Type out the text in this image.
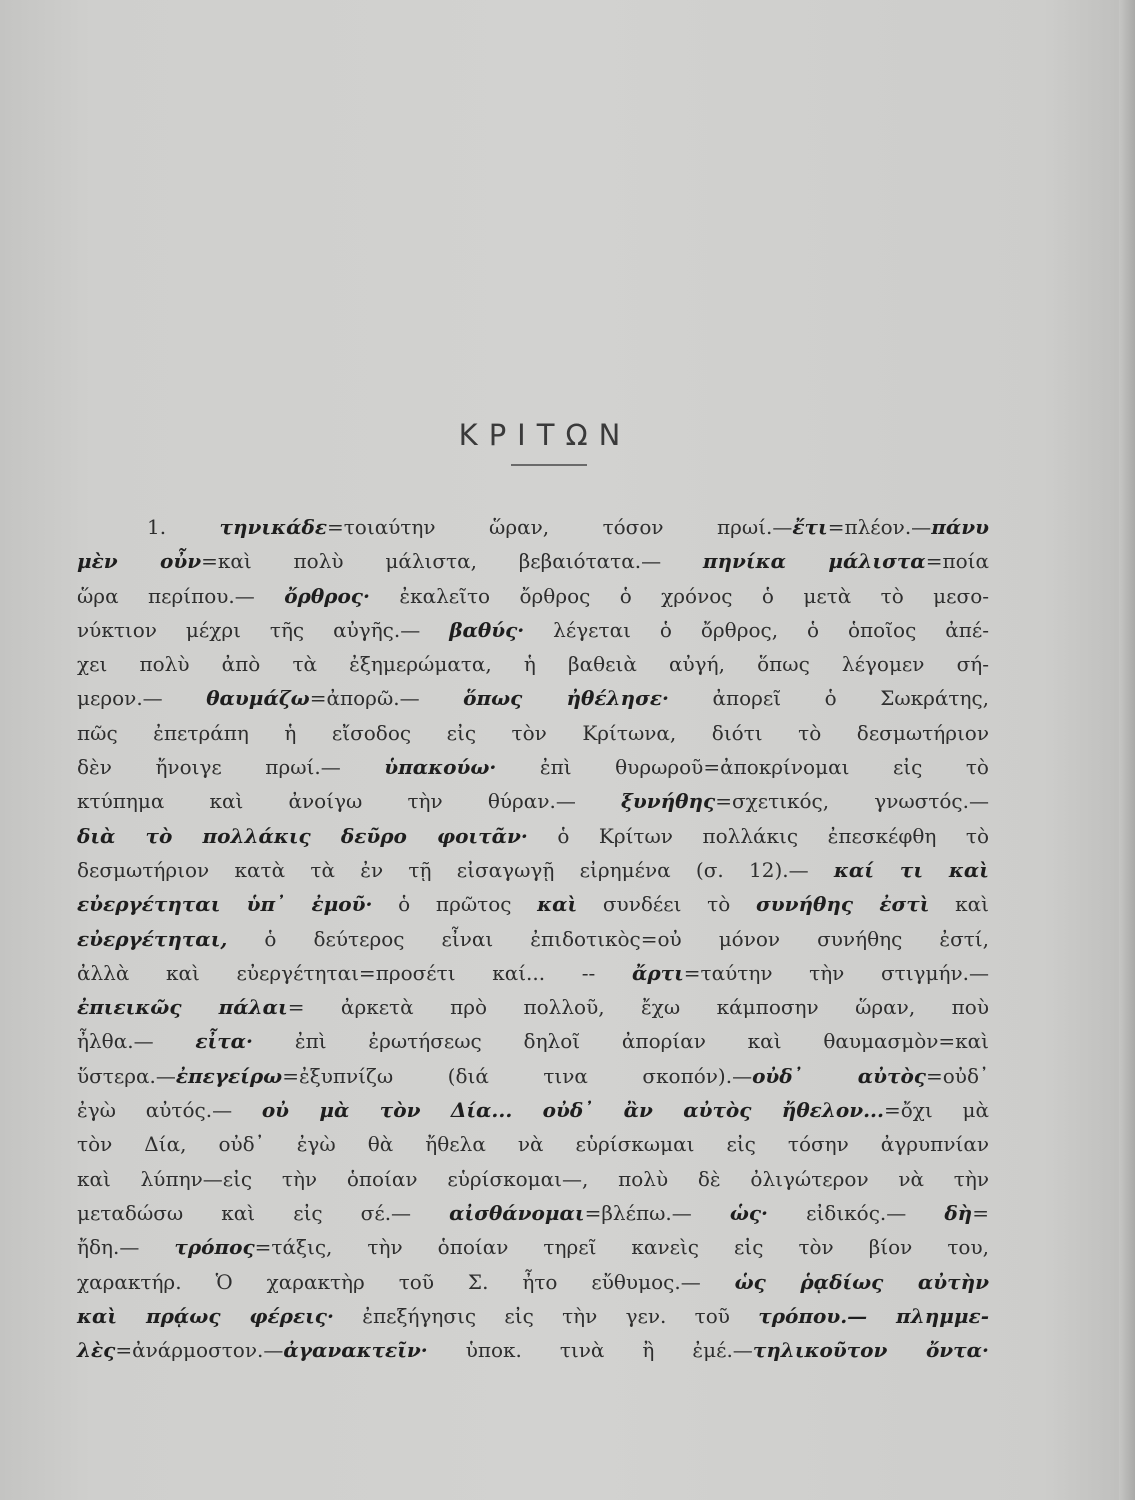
ΚΡΙΤΩΝ
1. τηνικάδε=τοιαύτην ὥραν, τόσον πρωί.—ἔτι=πλέον.—πάνυ
μὲν οὖν=καὶ πολὺ μάλιστα, βεβαιότατα.— πηνίκα μάλιστα=ποία
ὥρα περίπου.— ὄρθρος· ἐκαλεῖτο ὄρθρος ὁ χρόνος ὁ μετὰ τὸ μεσο-
νύκτιον μέχρι τῆς αὐγῆς.— βαθύς· λέγεται ὁ ὄρθρος, ὁ ὁποῖος ἀπέ-
χει πολὺ ἀπὸ τὰ ἐξημερώματα, ἡ βαθειὰ αὐγή, ὅπως λέγομεν σή-
μερον.— θαυμάζω=ἀπορῶ.— ὅπως ἠθέλησε· ἀπορεῖ ὁ Σωκράτης,
πῶς ἐπετράπη ἡ εἴσοδος εἰς τὸν Κρίτωνα, διότι τὸ δεσμωτήριον
δὲν ἤνοιγε πρωί.— ὑπακούω· ἐπὶ θυρωροῦ=ἀποκρίνομαι εἰς τὸ
κτύπημα καὶ ἀνοίγω τὴν θύραν.— ξυνήθης=σχετικός, γνωστός.—
διὰ τὸ πολλάκις δεῦρο φοιτᾶν· ὁ Κρίτων πολλάκις ἐπεσκέφθη τὸ
δεσμωτήριον κατὰ τὰ ἐν τῇ εἰσαγωγῇ εἰρημένα (σ. 12).— καί τι καὶ
εὐεργέτηται ὑπ᾿ ἐμοῦ· ὁ πρῶτος καὶ συνδέει τὸ συνήθης ἐστὶ καὶ
εὐεργέτηται, ὁ δεύτερος εἶναι ἐπιδοτικὸς=οὐ μόνον συνήθης ἐστί,
ἀλλὰ καὶ εὐεργέτηται=προσέτι καί... -- ἄρτι=ταύτην τὴν στιγμήν.—
ἐπιεικῶς πάλαι= ἀρκετὰ πρὸ πολλοῦ, ἔχω κάμποσην ὥραν, ποὺ
ἦλθα.— εἶτα· ἐπὶ ἐρωτήσεως δηλοῖ ἀπορίαν καὶ θαυμασμὸν=καὶ
ὕστερα.—ἐπεγείρω=ἐξυπνίζω (διά τινα σκοπόν).—οὐδ᾿ αὐτὸς=οὐδ᾿
ἐγὼ αὐτός.— οὐ μὰ τὸν Δία... οὐδ᾿ ἂν αὐτὸς ἤθελον...=ὄχι μὰ
τὸν Δία, οὐδ᾿ ἐγὼ θὰ ἤθελα νὰ εὑρίσκωμαι εἰς τόσην ἀγρυπνίαν
καὶ λύπην—εἰς τὴν ὁποίαν εὑρίσκομαι—, πολὺ δὲ ὀλιγώτερον νὰ τὴν
μεταδώσω καὶ εἰς σέ.— αἰσθάνομαι=βλέπω.— ὡς· εἰδικός.— δὴ=
ἤδη.— τρόπος=τάξις, τὴν ὁποίαν τηρεῖ κανεὶς εἰς τὸν βίον του,
χαρακτήρ. Ὁ χαρακτὴρ τοῦ Σ. ἦτο εὔθυμος.— ὡς ῥᾳδίως αὐτὴν
καὶ πρᾴως φέρεις· ἐπεξήγησις εἰς τὴν γεν. τοῦ τρόπου.— πλημμε-
λὲς=ἀνάρμοστον.—ἀγανακτεῖν· ὑποκ. τινὰ ἢ ἐμέ.—τηλικοῦτον ὄντα·
